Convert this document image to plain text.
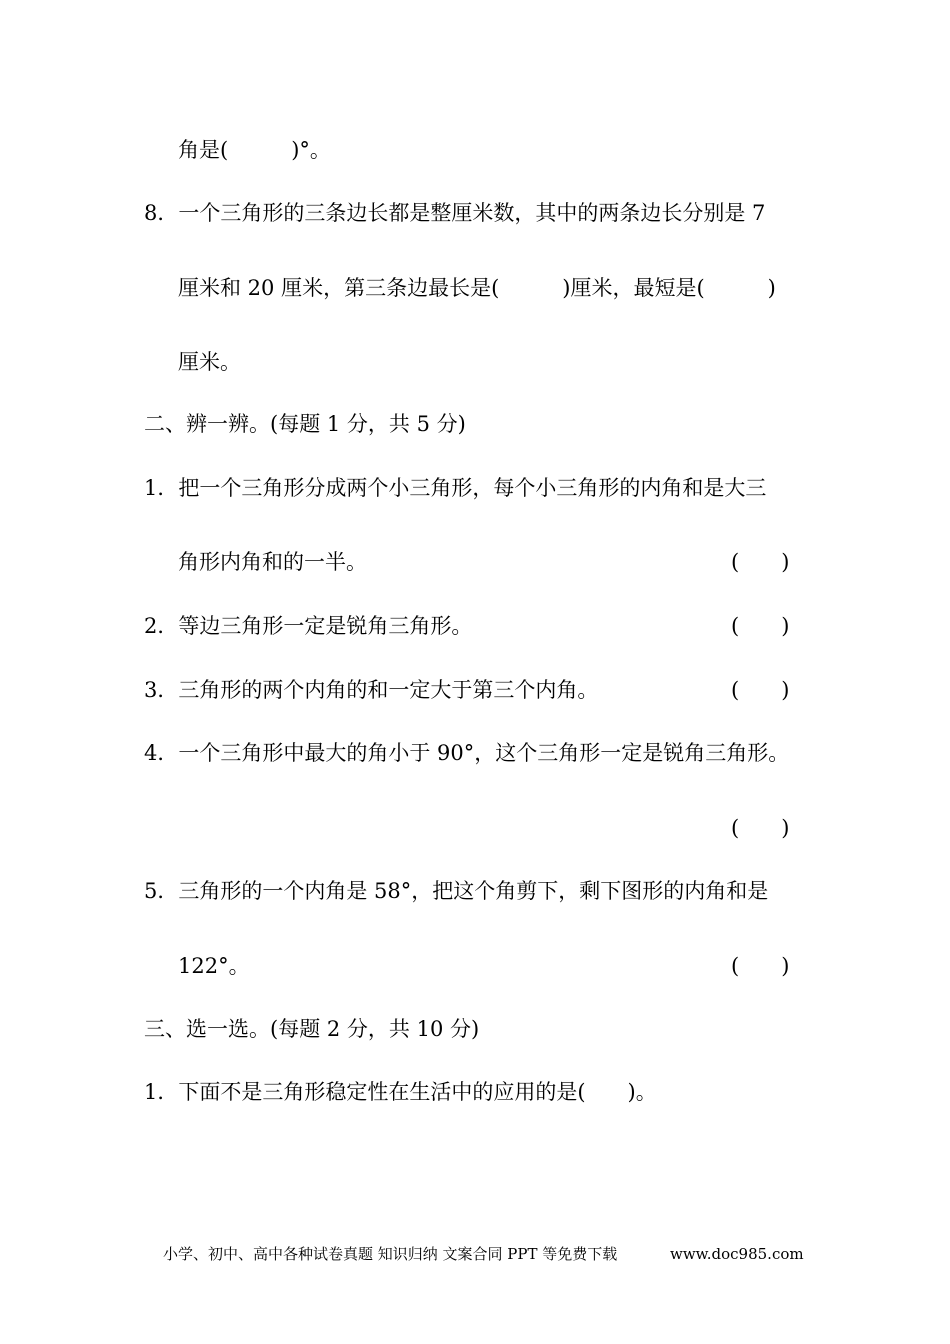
角是(　　　)°。
8．一个三角形的三条边长都是整厘米数，其中的两条边长分别是 7
厘米和 20 厘米，第三条边最长是(　　　)厘米，最短是(　　　)
厘米。
二、辨一辨。(每题 1 分，共 5 分)
1．把一个三角形分成两个小三角形，每个小三角形的内角和是大三
角形内角和的一半。	(　　)
2．等边三角形一定是锐角三角形。	(　　)
3．三角形的两个内角的和一定大于第三个内角。	(　　)
4．一个三角形中最大的角小于 90°，这个三角形一定是锐角三角形。
(　　)
5．三角形的一个内角是 58°，把这个角剪下，剩下图形的内角和是
122°。	(　　)
三、选一选。(每题 2 分，共 10 分)
1．下面不是三角形稳定性在生活中的应用的是(　　)。
小学、初中、高中各种试卷真题 知识归纳 文案合同 PPT 等免费下载	www.doc985.com
